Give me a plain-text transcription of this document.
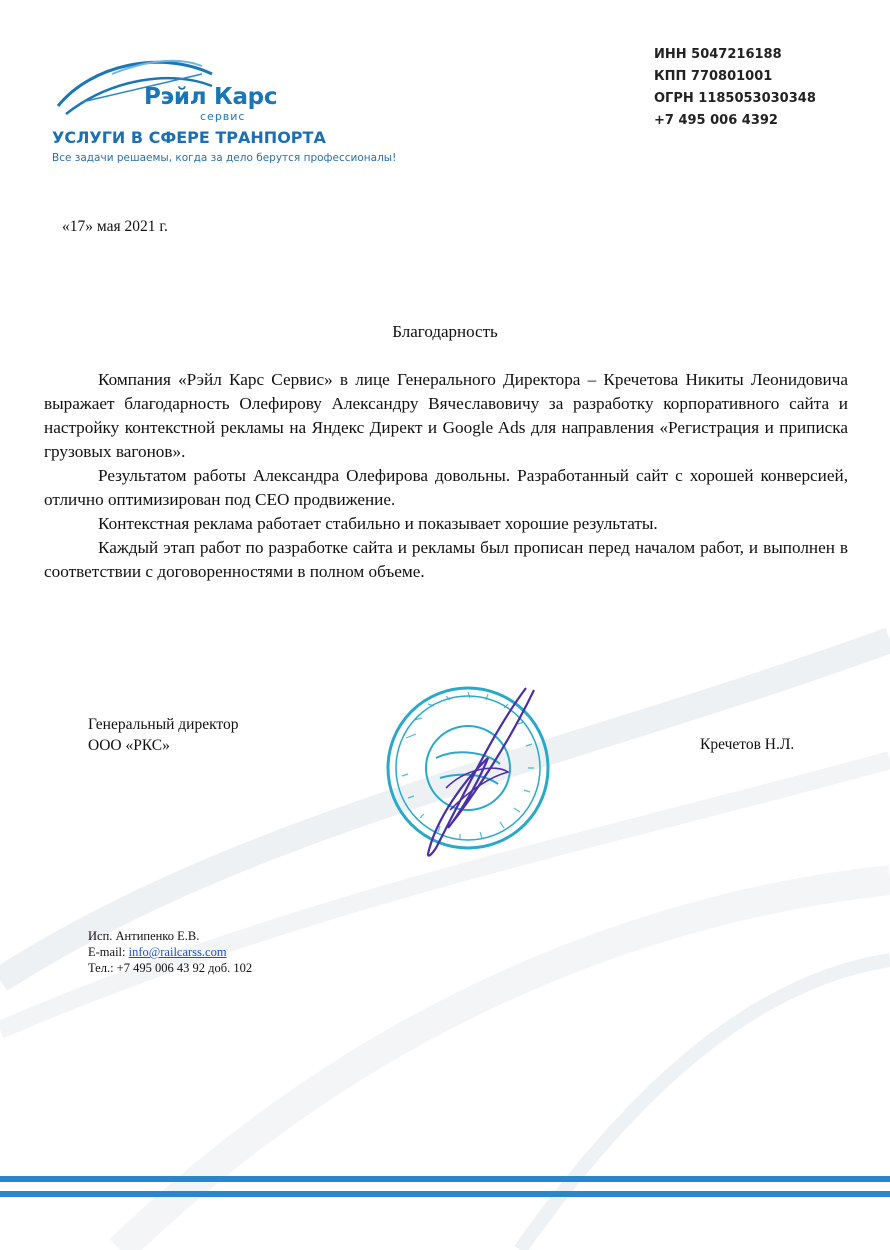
Рэйл Карс
сервис
УСЛУГИ В СФЕРЕ ТРАНПОРТА
Все задачи решаемы, когда за дело берутся профессионалы!
ИНН 5047216188
КПП 770801001
ОГРН 1185053030348
+7 495 006 4392
«17» мая 2021 г.
Благодарность

Компания «Рэйл Карс Сервис» в лице Генерального Директора – Кречетова Никиты Леонидовича выражает благодарность Олефирову Александру Вячеславовичу за разработку корпоративного сайта и настройку контекстной рекламы на Яндекс Директ и Google Ads для направления «Регистрация и приписка грузовых вагонов».

Результатом работы Александра Олефирова довольны. Разработанный сайт с хорошей конверсией, отлично оптимизирован под СЕО продвижение.

Контекстная реклама работает стабильно и показывает хорошие результаты.

Каждый этап работ по разработке сайта и рекламы был прописан перед началом работ, и выполнен в соответствии с договоренностями в полном объеме.

Генеральный директор
ООО «РКС»	Кречетов Н.Л.
Исп. Антипенко Е.В.
E-mail: info@railcarss.com
Тел.: +7 495 006 43 92 доб. 102
